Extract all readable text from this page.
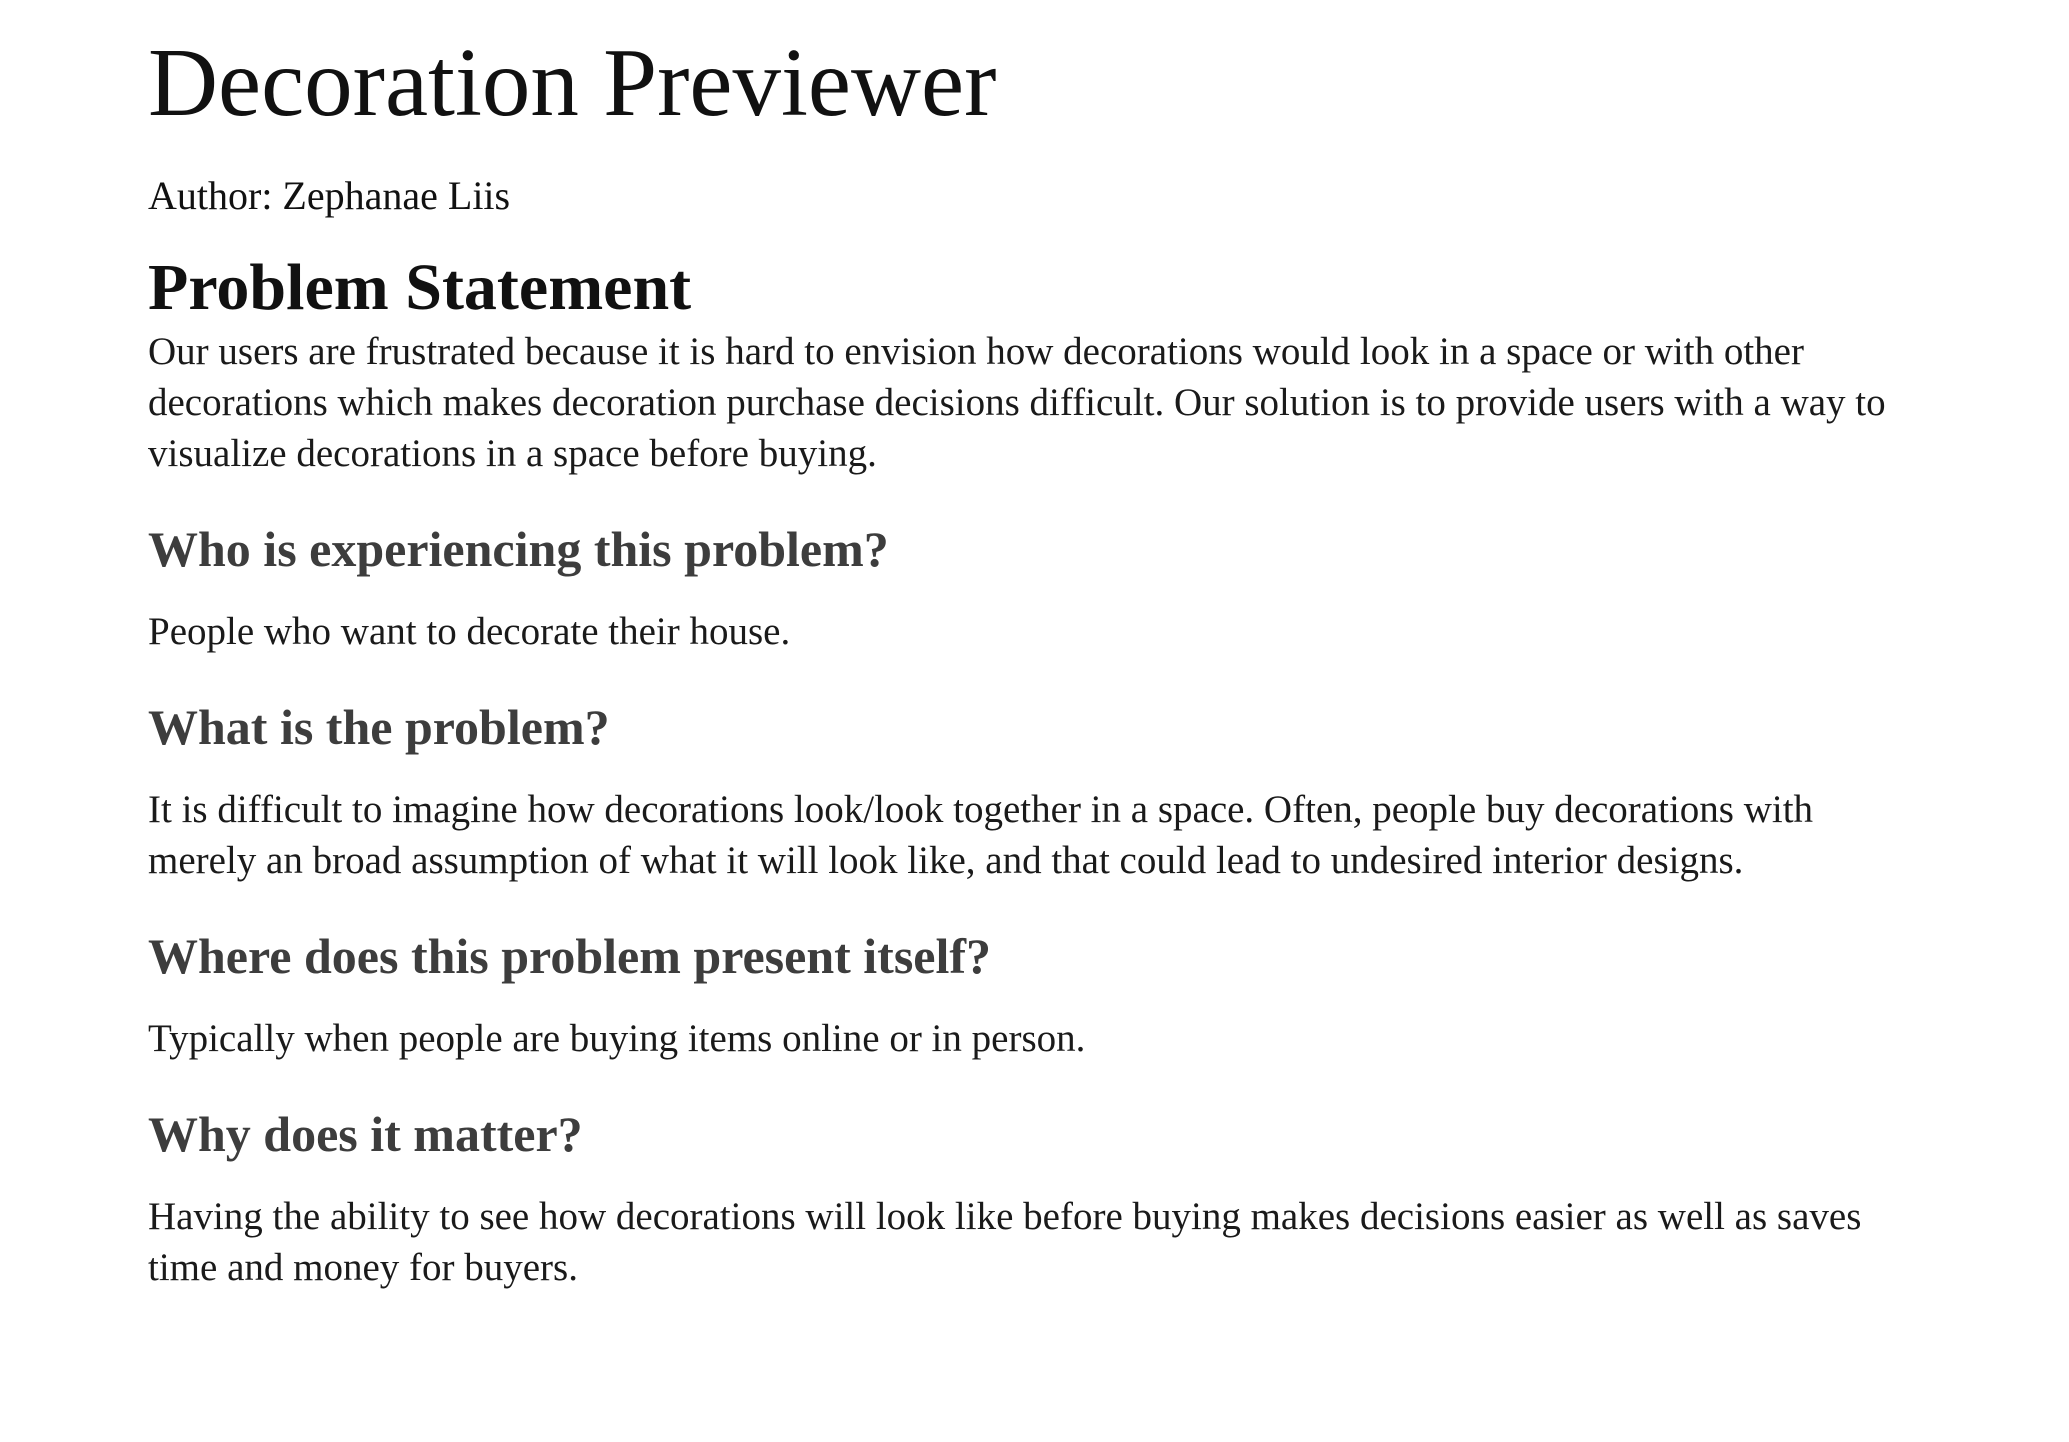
Decoration Previewer
Author: Zephanae Liis
Problem Statement

Our users are frustrated because it is hard to envision how decorations would look in a space or with other decorations which makes decoration purchase decisions difficult. Our solution is to provide users with a way to visualize decorations in a space before buying.

Who is experiencing this problem?

People who want to decorate their house.

What is the problem?

It is difficult to imagine how decorations look/look together in a space. Often, people buy decorations with merely an broad assumption of what it will look like, and that could lead to undesired interior designs.

Where does this problem present itself?

Typically when people are buying items online or in person.

Why does it matter?

Having the ability to see how decorations will look like before buying makes decisions easier as well as saves time and money for buyers.
